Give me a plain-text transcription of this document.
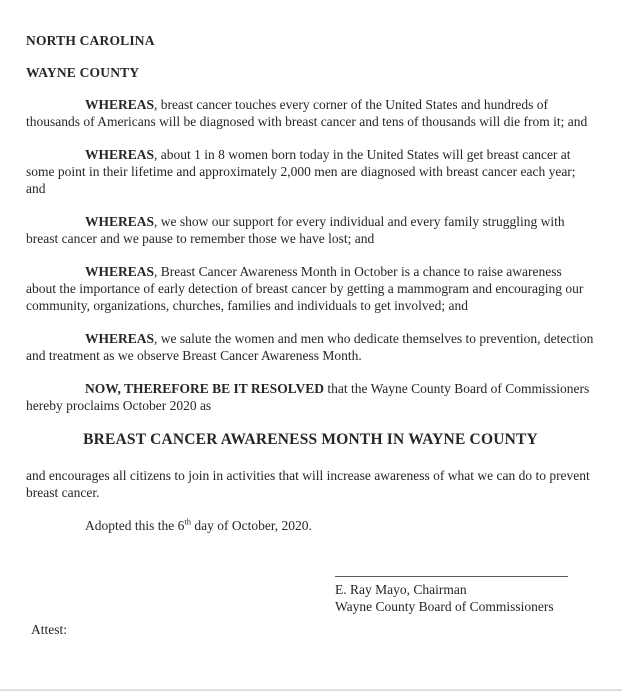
NORTH CAROLINA

WAYNE COUNTY

WHEREAS, breast cancer touches every corner of the United States and hundreds of thousands of Americans will be diagnosed with breast cancer and tens of thousands will die from it; and

WHEREAS, about 1 in 8 women born today in the United States will get breast cancer at some point in their lifetime and approximately 2,000 men are diagnosed with breast cancer each year; and

WHEREAS, we show our support for every individual and every family struggling with breast cancer and we pause to remember those we have lost; and

WHEREAS, Breast Cancer Awareness Month in October is a chance to raise awareness about the importance of early detection of breast cancer by getting a mammogram and encouraging our community, organizations, churches, families and individuals to get involved; and

WHEREAS, we salute the women and men who dedicate themselves to prevention, detection and treatment as we observe Breast Cancer Awareness Month.

NOW, THEREFORE BE IT RESOLVED that the Wayne County Board of Commissioners hereby proclaims October 2020 as

BREAST CANCER AWARENESS MONTH IN WAYNE COUNTY

and encourages all citizens to join in activities that will increase awareness of what we can do to prevent breast cancer.

Adopted this the 6th day of October, 2020.

E. Ray Mayo, Chairman

Wayne County Board of Commissioners

Attest:
